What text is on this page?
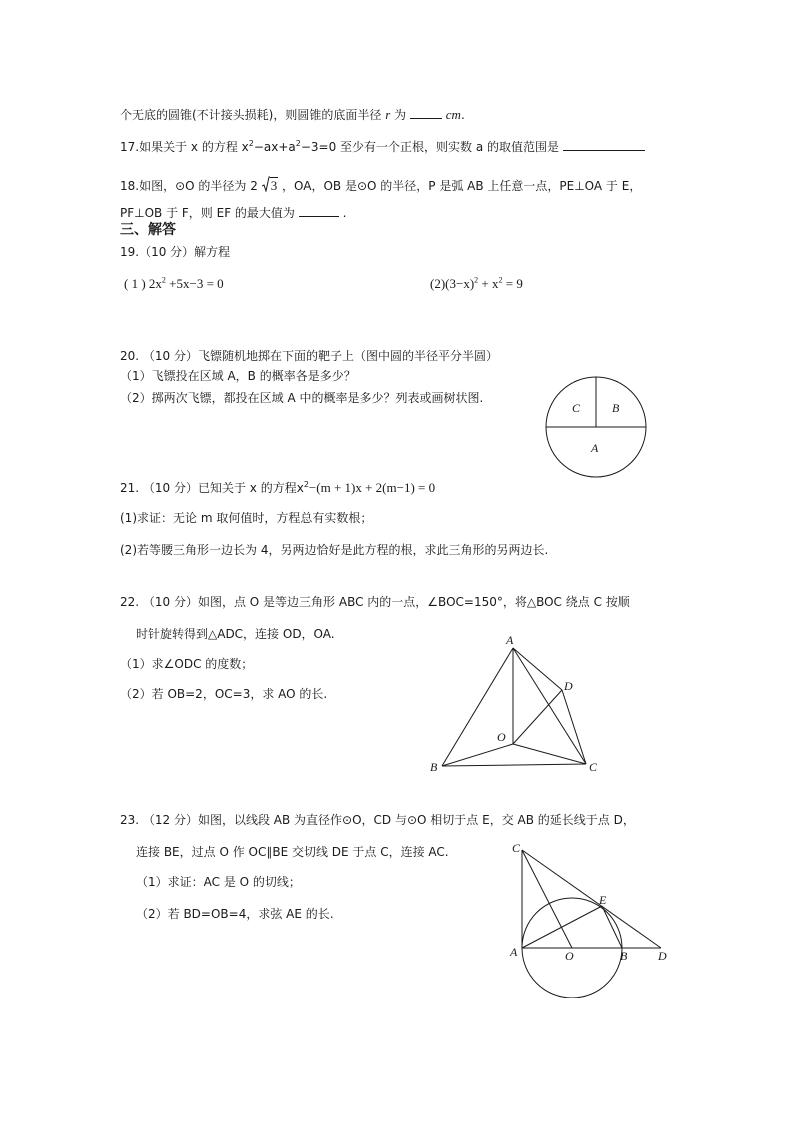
个无底的圆锥(不计接头损耗)，则圆锥的底面半径 r 为	cm.
17.如果关于 x 的方程 $x^2-ax+a^2-3=0$ 至少有一个正根，则实数 a 的取值范围是
18.如图，⊙O 的半径为 2 3 ，OA，OB 是⊙O 的半径，P 是弧 AB 上任意一点，PE⊥OA 于 E，
PF⊥OB 于 F，则 EF 的最大值为	.
三、解答
19.（10 分）解方程
( 1 ) $2x^2 +5x-3 = 0$	$(2)(3-x)^2 + x^2 = 9$
20. （10 分）飞镖随机地掷在下面的靶子上（图中圆的半径平分半圆）
（1）飞镖投在区域 A，B 的概率各是多少？
（2）掷两次飞镖，都投在区域 A 中的概率是多少？列表或画树状图.
C	B
A
21. （10 分）已知关于 x 的方程$x^2-(m + 1)x + 2(m-1) = 0$
(1)求证：无论 m 取何值时，方程总有实数根；
(2)若等腰三角形一边长为 4，另两边恰好是此方程的根，求此三角形的另两边长.
22. （10 分）如图，点 O 是等边三角形 ABC 内的一点，∠BOC=150°，将△BOC 绕点 C 按顺
时针旋转得到△ADC，连接 OD，OA.
（1）求∠ODC 的度数；
（2）若 OB=2，OC=3，求 AO 的长.
A
B	C
D
O
23. （12 分）如图，以线段 AB 为直径作⊙O，CD 与⊙O 相切于点 E，交 AB 的延长线于点 D，
连接 BE，过点 O 作 OC∥BE 交切线 DE 于点 C，连接 AC.
（1）求证：AC 是 O 的切线；
（2）若 BD=OB=4，求弦 AE 的长.
C
A	O	B	D
E
